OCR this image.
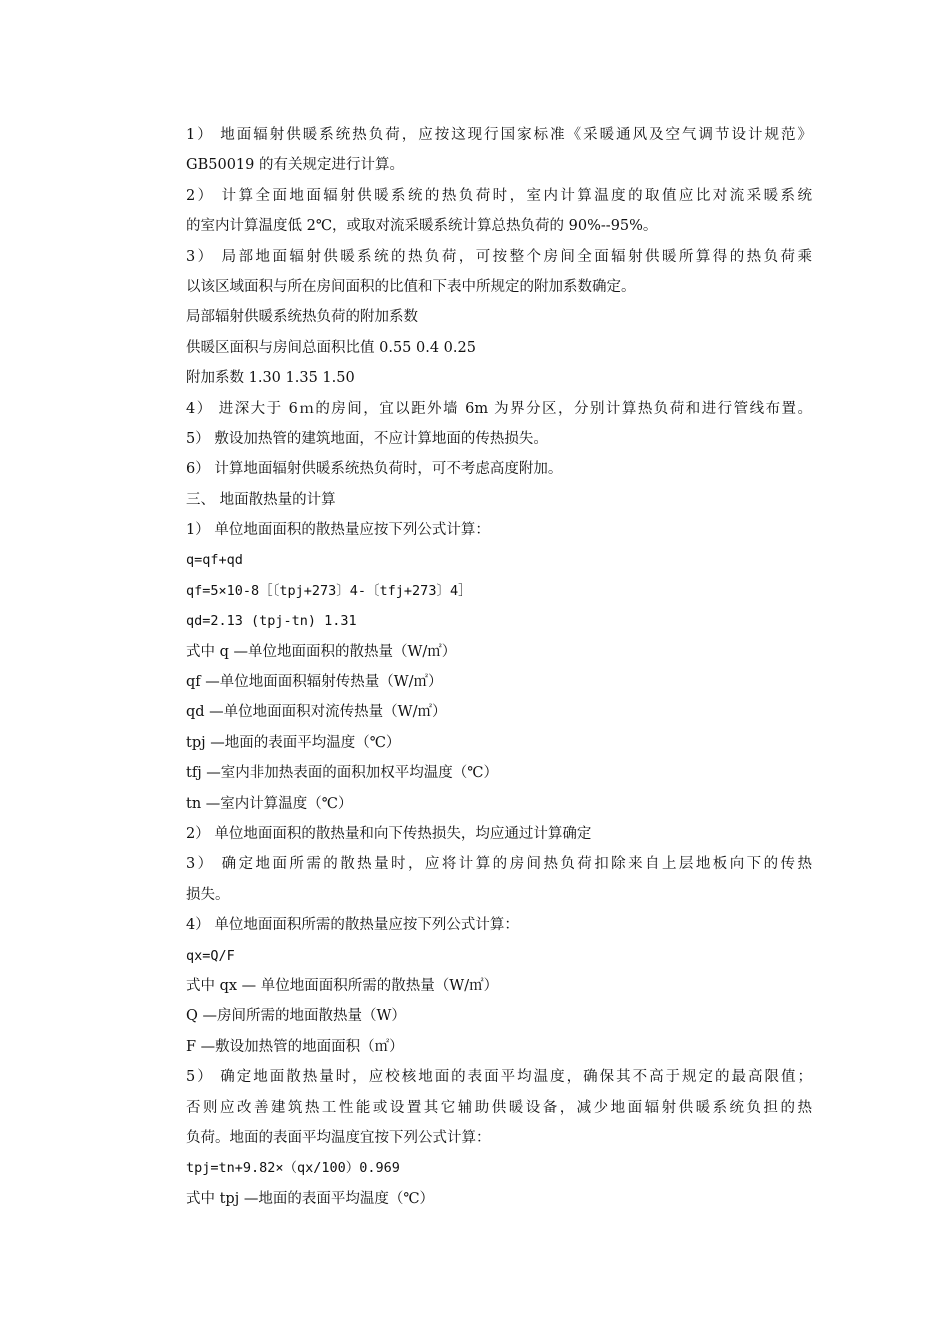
1） 地面辐射供暖系统热负荷，应按这现行国家标准《采暖通风及空气调节设计规范》
GB50019 的有关规定进行计算。
2） 计算全面地面辐射供暖系统的热负荷时，室内计算温度的取值应比对流采暖系统
的室内计算温度低 2℃，或取对流采暖系统计算总热负荷的 90%--95%。
3） 局部地面辐射供暖系统的热负荷，可按整个房间全面辐射供暖所算得的热负荷乘
以该区域面积与所在房间面积的比值和下表中所规定的附加系数确定。
局部辐射供暖系统热负荷的附加系数
供暖区面积与房间总面积比值 0.55 0.4 0.25
附加系数 1.30 1.35 1.50
4） 进深大于 6ｍ的房间，宜以距外墙 6m 为界分区，分别计算热负荷和进行管线布置。
5） 敷设加热管的建筑地面，不应计算地面的传热损失。
6） 计算地面辐射供暖系统热负荷时，可不考虑高度附加。
三、 地面散热量的计算
1） 单位地面面积的散热量应按下列公式计算：
q=qf+qd
qf=5×10-8［〔tpj+273〕4-〔tfj+273〕4］
qd=2.13 (tpj-tn) 1.31
式中 q —单位地面面积的散热量（W/㎡）
qf —单位地面面积辐射传热量（W/㎡）
qd —单位地面面积对流传热量（W/㎡）
tpj —地面的表面平均温度（℃）
tfj —室内非加热表面的面积加权平均温度（℃）
tn —室内计算温度（℃）
2） 单位地面面积的散热量和向下传热损失，均应通过计算确定
3） 确定地面所需的散热量时，应将计算的房间热负荷扣除来自上层地板向下的传热
损失。
4） 单位地面面积所需的散热量应按下列公式计算：
qx=Q/F
式中 qx — 单位地面面积所需的散热量（W/㎡）
Q —房间所需的地面散热量（W）
F —敷设加热管的地面面积（㎡）
5） 确定地面散热量时，应校核地面的表面平均温度，确保其不高于规定的最高限值；
否则应改善建筑热工性能或设置其它辅助供暖设备，减少地面辐射供暖系统负担的热
负荷。地面的表面平均温度宜按下列公式计算：
tpj=tn+9.82×（qx/100）0.969
式中 tpj —地面的表面平均温度（℃）
